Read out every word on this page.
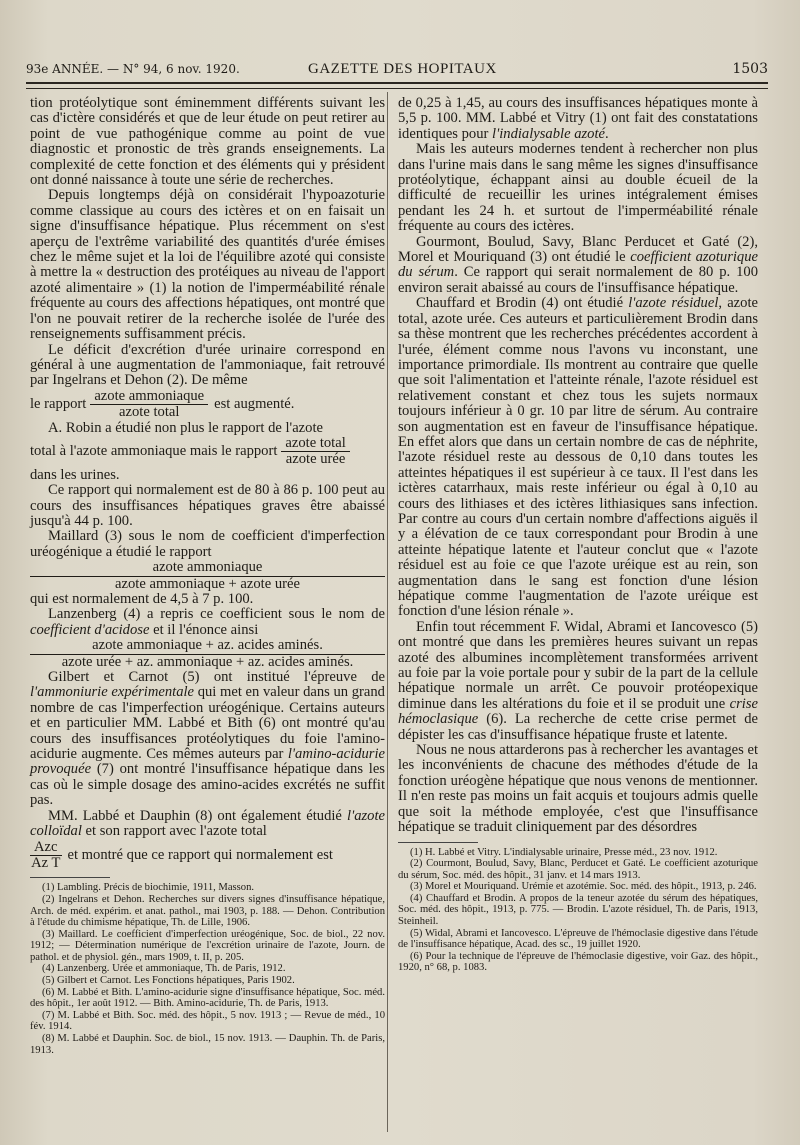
93e ANNÉE. — N° 94, 6 nov. 1920.	GAZETTE DES HOPITAUX	1503

tion protéolytique sont éminemment différents suivant les cas d'ictère considérés et que de leur étude on peut retirer au point de vue pathogénique comme au point de vue diagnostic et pronostic de très grands enseignements. La complexité de cette fonction et des éléments qui y président ont donné naissance à toute une série de recherches.

Depuis longtemps déjà on considérait l'hypoazoturie comme classique au cours des ictères et on en faisait un signe d'insuffisance hépatique. Plus récemment on s'est aperçu de l'extrême variabilité des quantités d'urée émises chez le même sujet et la loi de l'équilibre azoté qui consiste à mettre la « destruction des protéiques au niveau de l'apport azoté alimentaire » (1) la notion de l'imperméabilité rénale fréquente au cours des affections hépatiques, ont montré que l'on ne pouvait retirer de la recherche isolée de l'urée des renseignements suffisamment précis.

Le déficit d'excrétion d'urée urinaire correspond en général à une augmentation de l'ammoniaque, fait retrouvé par Ingelrans et Dehon (2). De même

le rapport
azote ammoniaque
azote total
est augmenté.

A. Robin a étudié non plus le rapport de l'azote

total à l'azote ammoniaque mais le rapport
azote total
azote urée

dans les urines.

Ce rapport qui normalement est de 80 à 86 p. 100 peut au cours des insuffisances hépatiques graves être abaissé jusqu'à 44 p. 100.

Maillard (3) sous le nom de coefficient d'imperfection uréogénique a étudié le rapport

azote ammoniaque
azote ammoniaque + azote urée

qui est normalement de 4,5 à 7 p. 100.

Lanzenberg (4) a repris ce coefficient sous le nom de coefficient d'acidose et il l'énonce ainsi

azote ammoniaque + az. acides aminés.
azote urée + az. ammoniaque + az. acides aminés.

Gilbert et Carnot (5) ont institué l'épreuve de l'ammoniurie expérimentale qui met en valeur dans un grand nombre de cas l'imperfection uréogénique. Certains auteurs et en particulier MM. Labbé et Bith (6) ont montré qu'au cours des insuffisances protéolytiques du foie l'amino-acidurie augmente. Ces mêmes auteurs par l'amino-acidurie provoquée (7) ont montré l'insuffisance hépatique dans les cas où le simple dosage des amino-acides excrétés ne suffit pas.

MM. Labbé et Dauphin (8) ont également étudié l'azote colloïdal et son rapport avec l'azote total

Azc
Az T
et montré que ce rapport qui normalement est

(1) Lambling. Précis de biochimie, 1911, Masson.

(2) Ingelrans et Dehon. Recherches sur divers signes d'insuffisance hépatique, Arch. de méd. expérim. et anat. pathol., mai 1903, p. 188. — Dehon. Contribution à l'étude du chimisme hépatique, Th. de Lille, 1906.

(3) Maillard. Le coefficient d'imperfection uréogénique, Soc. de biol., 22 nov. 1912; — Détermination numérique de l'excrétion urinaire de l'azote, Journ. de pathol. et de physiol. gén., mars 1909, t. II, p. 205.

(4) Lanzenberg. Urée et ammoniaque, Th. de Paris, 1912.

(5) Gilbert et Carnot. Les Fonctions hépatiques, Paris 1902.

(6) M. Labbé et Bith. L'amino-acidurie signe d'insuffisance hépatique, Soc. méd. des hôpit., 1er août 1912. — Bith. Amino-acidurie, Th. de Paris, 1913.

(7) M. Labbé et Bith. Soc. méd. des hôpit., 5 nov. 1913 ; — Revue de méd., 10 fév. 1914.

(8) M. Labbé et Dauphin. Soc. de biol., 15 nov. 1913. — Dauphin. Th. de Paris, 1913.

de 0,25 à 1,45, au cours des insuffisances hépatiques monte à 5,5 p. 100. MM. Labbé et Vitry (1) ont fait des constatations identiques pour l'indialysable azoté.

Mais les auteurs modernes tendent à rechercher non plus dans l'urine mais dans le sang même les signes d'insuffisance protéolytique, échappant ainsi au double écueil de la difficulté de recueillir les urines intégralement émises pendant les 24 h. et surtout de l'imperméabilité rénale fréquente au cours des ictères.

Gourmont, Boulud, Savy, Blanc Perducet et Gaté (2), Morel et Mouriquand (3) ont étudié le coefficient azoturique du sérum. Ce rapport qui serait normalement de 80 p. 100 environ serait abaissé au cours de l'insuffisance hépatique.

Chauffard et Brodin (4) ont étudié l'azote résiduel, azote total, azote urée. Ces auteurs et particulièrement Brodin dans sa thèse montrent que les recherches précédentes accordent à l'urée, élément comme nous l'avons vu inconstant, une importance primordiale. Ils montrent au contraire que quelle que soit l'alimentation et l'atteinte rénale, l'azote résiduel est relativement constant et chez tous les sujets normaux toujours inférieur à 0 gr. 10 par litre de sérum. Au contraire son augmentation est en faveur de l'insuffisance hépatique. En effet alors que dans un certain nombre de cas de néphrite, l'azote résiduel reste au dessous de 0,10 dans toutes les atteintes hépatiques il est supérieur à ce taux. Il l'est dans les ictères catarrhaux, mais reste inférieur ou égal à 0,10 au cours des lithiases et des ictères lithiasiques sans infection. Par contre au cours d'un certain nombre d'affections aiguës il y a élévation de ce taux correspondant pour Brodin à une atteinte hépatique latente et l'auteur conclut que « l'azote résiduel est au foie ce que l'azote uréique est au rein, son augmentation dans le sang est fonction d'une lésion hépatique comme l'augmentation de l'azote uréique est fonction d'une lésion rénale ».

Enfin tout récemment F. Widal, Abrami et Iancovesco (5) ont montré que dans les premières heures suivant un repas azoté des albumines incomplètement transformées arrivent au foie par la voie portale pour y subir de la part de la cellule hépatique normale un arrêt. Ce pouvoir protéopexique diminue dans les altérations du foie et il se produit une crise hémoclasique (6). La recherche de cette crise permet de dépister les cas d'insuffisance hépatique fruste et latente.

Nous ne nous attarderons pas à rechercher les avantages et les inconvénients de chacune des méthodes d'étude de la fonction uréogène hépatique que nous venons de mentionner. Il n'en reste pas moins un fait acquis et toujours admis quelle que soit la méthode employée, c'est que l'insuffisance hépatique se traduit cliniquement par des désordres

(1) H. Labbé et Vitry. L'indialysable urinaire, Presse méd., 23 nov. 1912.

(2) Courmont, Boulud, Savy, Blanc, Perducet et Gaté. Le coefficient azoturique du sérum, Soc. méd. des hôpit., 31 janv. et 14 mars 1913.

(3) Morel et Mouriquand. Urémie et azotémie. Soc. méd. des hôpit., 1913, p. 246.

(4) Chauffard et Brodin. A propos de la teneur azotée du sérum des hépatiques, Soc. méd. des hôpit., 1913, p. 775. — Brodin. L'azote résiduel, Th. de Paris, 1913, Steinheil.

(5) Widal, Abrami et Iancovesco. L'épreuve de l'hémoclasie digestive dans l'étude de l'insuffisance hépatique, Acad. des sc., 19 juillet 1920.

(6) Pour la technique de l'épreuve de l'hémoclasie digestive, voir Gaz. des hôpit., 1920, n° 68, p. 1083.
